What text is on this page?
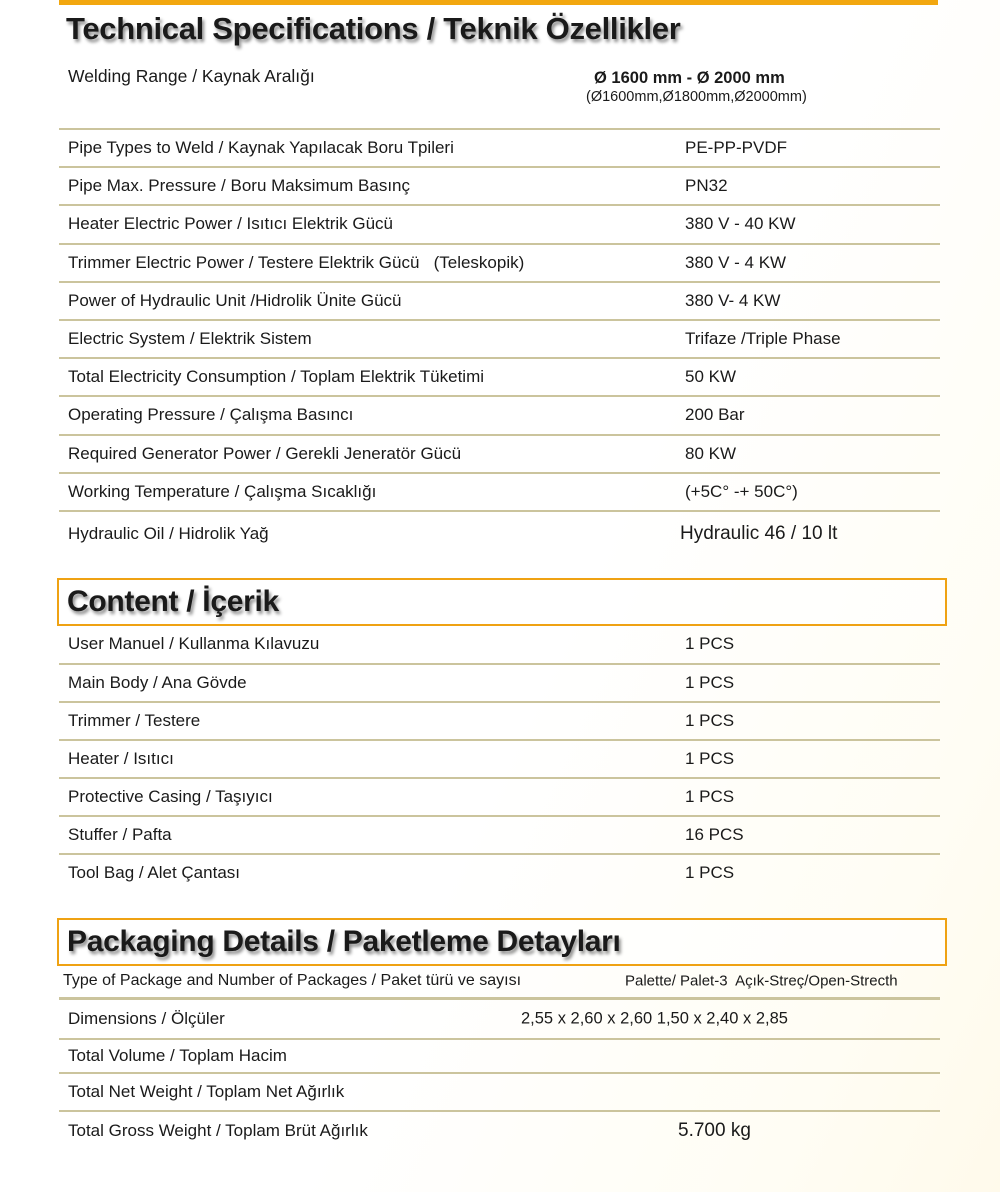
Technical Specifications / Teknik Özellikler
Welding Range / Kaynak Aralığı	Ø 1600 mm - Ø 2000 mm
(Ø1600mm,Ø1800mm,Ø2000mm)
Pipe Types to Weld / Kaynak Yapılacak Boru Tpileri	PE-PP-PVDF
Pipe Max. Pressure / Boru Maksimum Basınç	PN32
Heater Electric Power / Isıtıcı Elektrik Gücü	380 V - 40 KW
Trimmer Electric Power / Testere Elektrik Gücü   (Teleskopik)	380 V - 4 KW
Power of Hydraulic Unit /Hidrolik Ünite Gücü	380 V- 4 KW
Electric System / Elektrik Sistem	Trifaze /Triple Phase
Total Electricity Consumption / Toplam Elektrik Tüketimi	50 KW
Operating Pressure / Çalışma Basıncı	200 Bar
Required Generator Power / Gerekli Jeneratör Gücü	80 KW
Working Temperature / Çalışma Sıcaklığı	(+5C° -+ 50C°)
Hydraulic Oil / Hidrolik Yağ	Hydraulic 46 / 10 lt
Content / İçerik
User Manuel / Kullanma Kılavuzu	1 PCS
Main Body / Ana Gövde	1 PCS
Trimmer / Testere	1 PCS
Heater / Isıtıcı	1 PCS
Protective Casing / Taşıyıcı	1 PCS
Stuffer / Pafta	16 PCS
Tool Bag / Alet Çantası	1 PCS
Packaging Details / Paketleme Detayları
Type of Package and Number of Packages / Paket türü ve sayısı	Palette/ Palet-3  Açık-Streç/Open-Strecth
Dimensions / Ölçüler	2,55 x 2,60 x 2,60 1,50 x 2,40 x 2,85
Total Volume / Toplam Hacim
Total Net Weight / Toplam Net Ağırlık
Total Gross Weight / Toplam Brüt Ağırlık	5.700 kg
